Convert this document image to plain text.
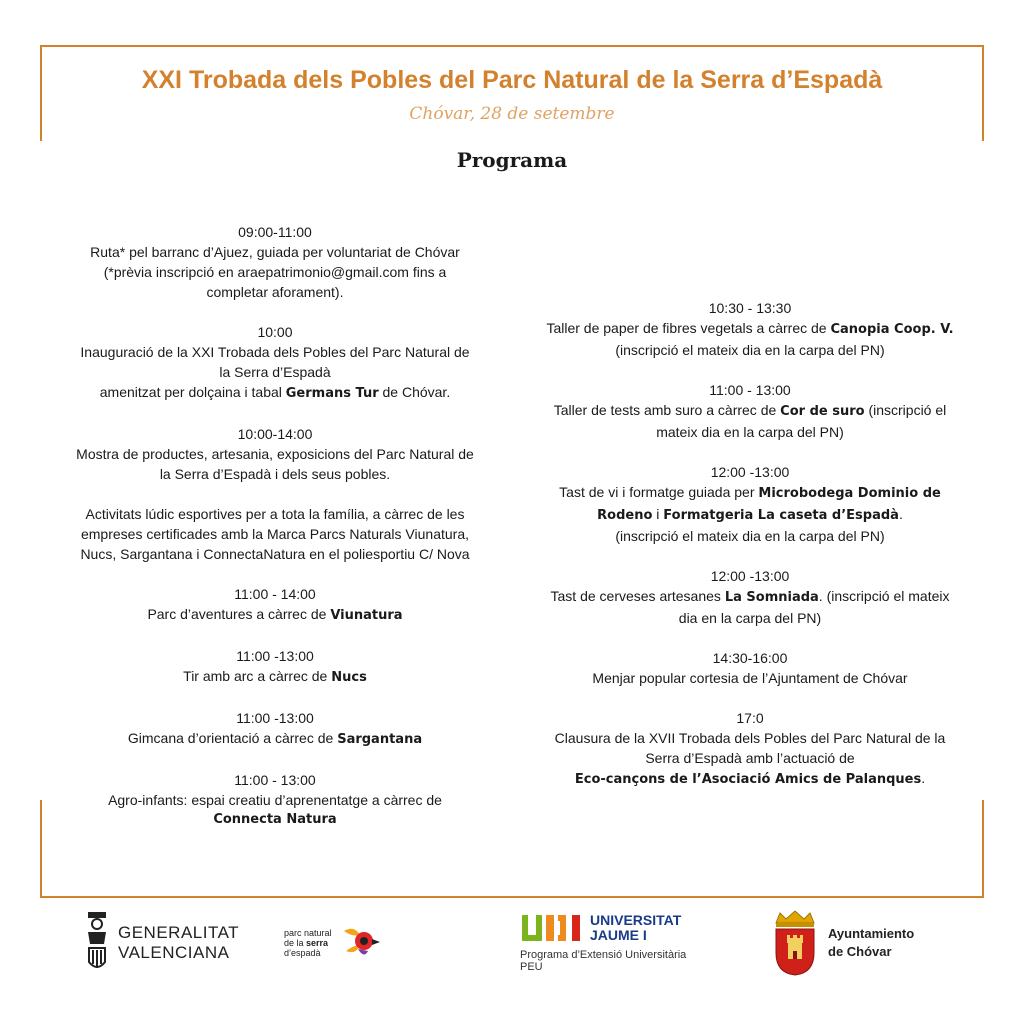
XXI Trobada dels Pobles del Parc Natural de la Serra d’Espadà
Chóvar, 28 de setembre
Programa

09:00-11:00

Ruta* pel barranc d’Ajuez, guiada per voluntariat de Chóvar

(*prèvia inscripció en araepatrimonio@gmail.com fins a

completar aforament).

10:00

Inauguració de la XXI Trobada dels Pobles del Parc Natural de

la Serra d’Espadà

amenitzat per dolçaina i tabal Germans Tur de Chóvar.

10:00-14:00

Mostra de productes, artesania, exposicions del Parc Natural de

la Serra d’Espadà i dels seus pobles.

Activitats lúdic esportives per a tota la família, a càrrec de les

empreses certificades amb la Marca Parcs Naturals Viunatura,

Nucs, Sargantana i ConnectaNatura en el poliesportiu C/ Nova

11:00 - 14:00

Parc d’aventures a càrrec de Viunatura

11:00 -13:00

Tir amb arc a càrrec de Nucs

11:00 -13:00

Gimcana d’orientació a càrrec de Sargantana

11:00 - 13:00

Agro-infants: espai creatiu d’aprenentatge a càrrec de

Connecta Natura

10:30 - 13:30

Taller de paper de fibres vegetals a càrrec de Canopia Coop. V.

(inscripció el mateix dia en la carpa del PN)

11:00 - 13:00

Taller de tests amb suro a càrrec de Cor de suro (inscripció el

mateix dia en la carpa del PN)

12:00 -13:00

Tast de vi i formatge guiada per Microbodega Dominio de

Rodeno i Formatgeria La caseta d’Espadà.

(inscripció el mateix dia en la carpa del PN)

12:00 -13:00

Tast de cerveses artesanes La Somniada. (inscripció el mateix

dia en la carpa del PN)

14:30-16:00

Menjar popular cortesia de l’Ajuntament de Chóvar

17:0

Clausura de la XVII Trobada dels Pobles del Parc Natural de la

Serra d’Espadà amb l’actuació de

Eco-cançons de l’Asociació Amics de Palanques.

GENERALITAT
VALENCIANA
parc natural
de la serra
d’espadà
UNIVERSITAT
JAUME I
Programa d’Extensió Universitària
PEU
Ayuntamiento
de Chóvar
